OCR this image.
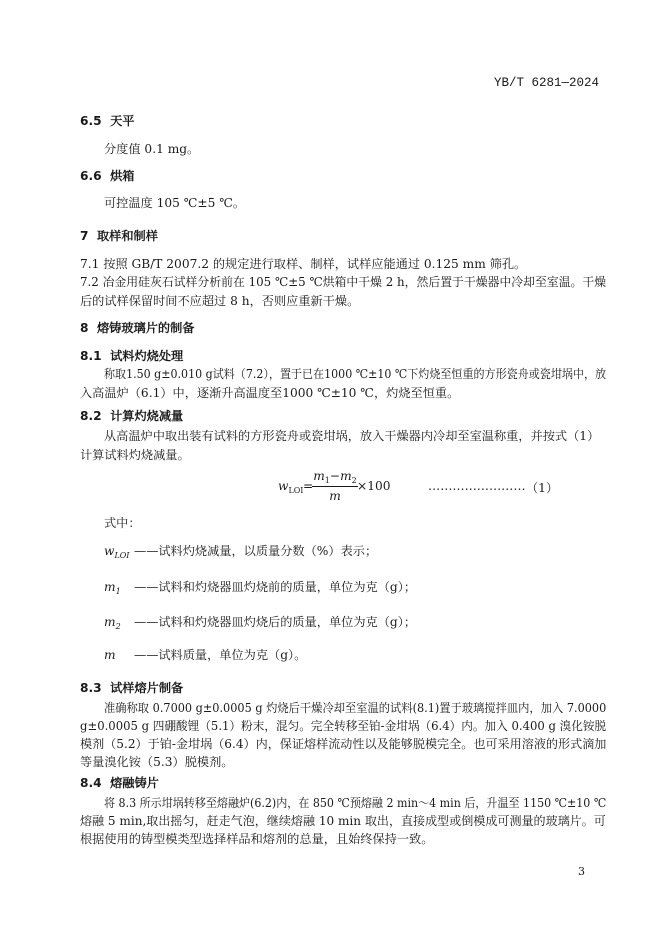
YB/T 6281—2024
6.5 天平
分度值 0.1 mg。
6.6 烘箱
可控温度 105 ℃±5 ℃。
7 取样和制样
7.1 按照 GB/T 2007.2 的规定进行取样、制样，试样应能通过 0.125 mm 筛孔。
7.2 冶金用硅灰石试样分析前在 105 ℃±5 ℃烘箱中干燥 2 h，然后置于干燥器中冷却至室温。干燥
后的试样保留时间不应超过 8 h，否则应重新干燥。
8 熔铸玻璃片的制备
8.1 试料灼烧处理
称取1.50 g±0.010 g试料（7.2），置于已在1000 ℃±10 ℃下灼烧至恒重的方形瓷舟或瓷坩埚中，放
入高温炉（6.1）中，逐渐升高温度至1000 ℃±10 ℃，灼烧至恒重。
8.2 计算灼烧减量
从高温炉中取出装有试料的方形瓷舟或瓷坩埚，放入干燥器内冷却至室温称重，并按式（1）
计算试料灼烧减量。
$w_{LOI}$ =
$m_1-m_2$
m
×100	…………………… （1）
式中：
$w_{LOI}$ ——试料灼烧减量，以质量分数（%）表示；
$m_1$ ——试料和灼烧器皿灼烧前的质量，单位为克（g）；
$m_2$ ——试料和灼烧器皿灼烧后的质量，单位为克（g）；
m ——试料质量，单位为克（g）。
8.3 试样熔片制备
准确称取 0.7000 g±0.0005 g 灼烧后干燥冷却至室温的试料(8.1)置于玻璃搅拌皿内，加入 7.0000
g±0.0005 g 四硼酸锂（5.1）粉末，混匀。完全转移至铂-金坩埚（6.4）内。加入 0.400 g 溴化铵脱
模剂（5.2）于铂-金坩埚（6.4）内，保证熔样流动性以及能够脱模完全。也可采用溶液的形式滴加
等量溴化铵（5.3）脱模剂。
8.4 熔融铸片
将 8.3 所示坩埚转移至熔融炉(6.2)内，在 850 ℃预熔融 2 min～4 min 后，升温至 1150 ℃±10 ℃
熔融 5 min,取出摇匀，赶走气泡，继续熔融 10 min 取出，直接成型或倒模成可测量的玻璃片。可
根据使用的铸型模类型选择样品和熔剂的总量，且始终保持一致。
3
